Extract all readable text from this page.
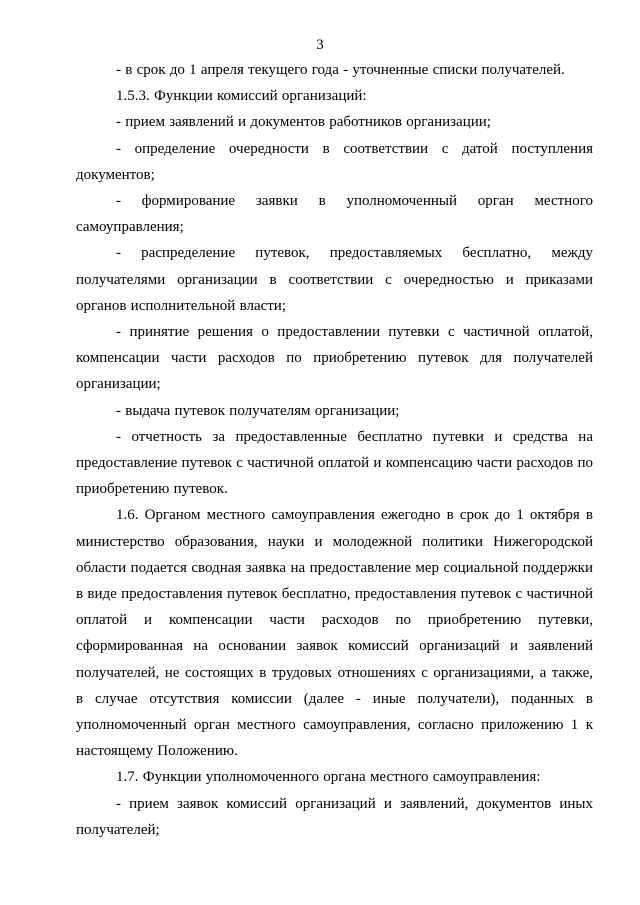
3

- в срок до 1 апреля текущего года - уточненные списки получателей.

1.5.3. Функции комиссий организаций:

- прием заявлений и документов работников организации;

- определение очередности в соответствии с датой поступления документов;

- формирование заявки в уполномоченный орган местного самоуправления;

- распределение путевок, предоставляемых бесплатно, между получателями организации в соответствии с очередностью и приказами органов исполнительной власти;

- принятие решения о предоставлении путевки с частичной оплатой, компенсации части расходов по приобретению путевок для получателей организации;

- выдача путевок получателям организации;

- отчетность за предоставленные бесплатно путевки и средства на предоставление путевок с частичной оплатой и компенсацию части расходов по приобретению путевок.

1.6. Органом местного самоуправления ежегодно в срок до 1 октября в министерство образования, науки и молодежной политики Нижегородской области подается сводная заявка на предоставление мер социальной поддержки в виде предоставления путевок бесплатно, предоставления путевок с частичной оплатой и компенсации части расходов по приобретению путевки, сформированная на основании заявок комиссий организаций и заявлений получателей, не состоящих в трудовых отношениях с организациями, а также, в случае отсутствия комиссии (далее - иные получатели), поданных в уполномоченный орган местного самоуправления, согласно приложению 1 к настоящему Положению.

1.7. Функции уполномоченного органа местного самоуправления:

- прием заявок комиссий организаций и заявлений, документов иных получателей;
